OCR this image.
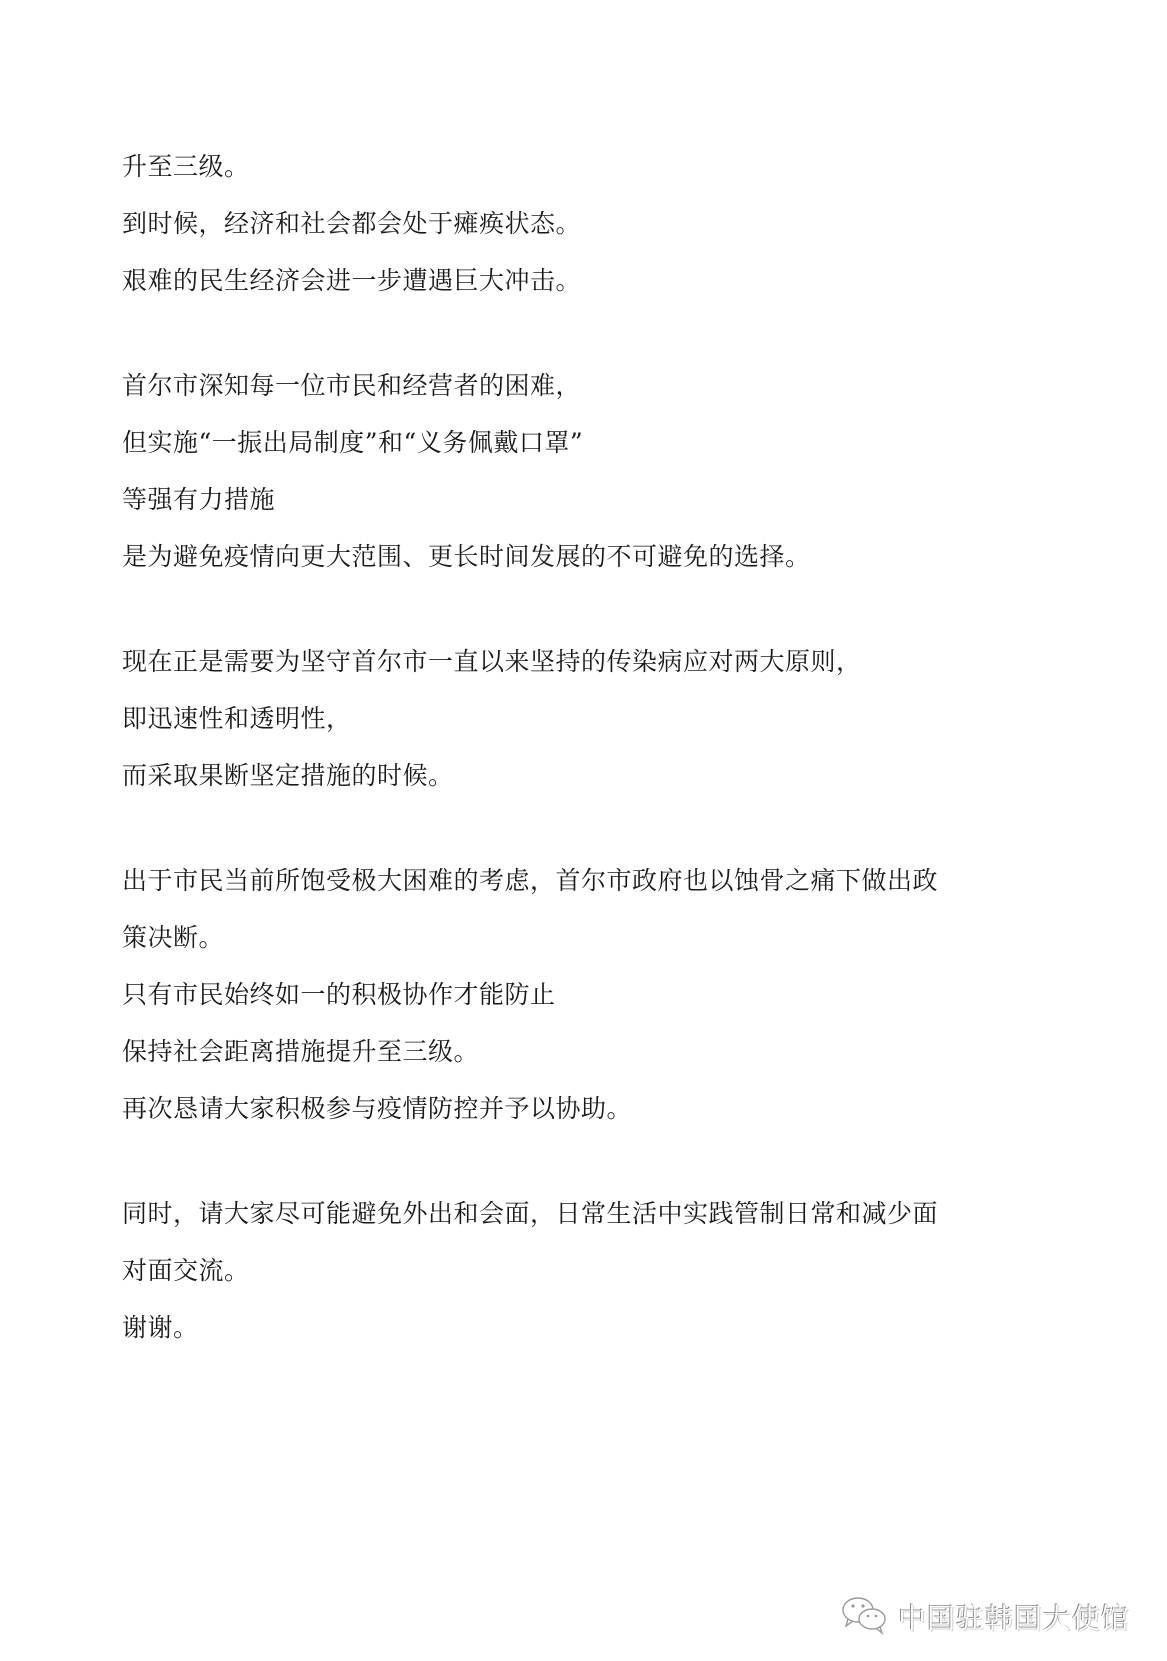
升至三级。
到时候，经济和社会都会处于瘫痪状态。
艰难的民生经济会进一步遭遇巨大冲击。
首尔市深知每一位市民和经营者的困难，
但实施“一振出局制度”和“义务佩戴口罩”
等强有力措施
是为避免疫情向更大范围、更长时间发展的不可避免的选择。
现在正是需要为坚守首尔市一直以来坚持的传染病应对两大原则，
即迅速性和透明性，
而采取果断坚定措施的时候。
出于市民当前所饱受极大困难的考虑，首尔市政府也以蚀骨之痛下做出政
策决断。
只有市民始终如一的积极协作才能防止
保持社会距离措施提升至三级。
再次恳请大家积极参与疫情防控并予以协助。
同时，请大家尽可能避免外出和会面，日常生活中实践管制日常和减少面
对面交流。
谢谢。
中国驻韩国大使馆
